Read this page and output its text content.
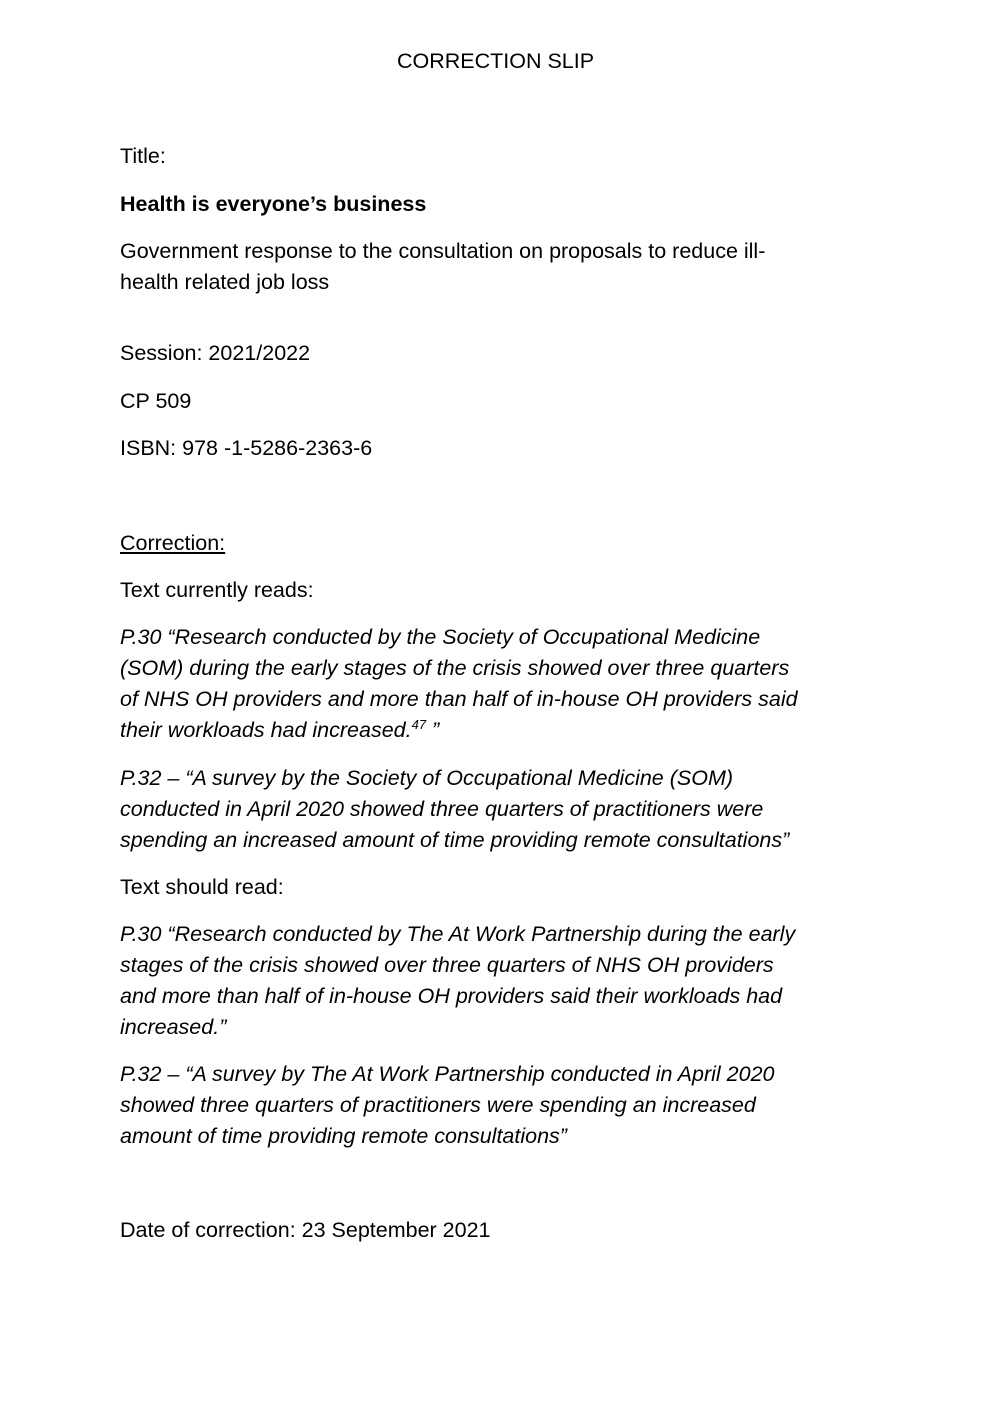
CORRECTION SLIP

Title:

Health is everyone’s business

Government response to the consultation on proposals to reduce ill-
health related job loss

Session: 2021/2022

CP 509

ISBN: 978 -1-5286-2363-6

Correction:

Text currently reads:

P.30 “Research conducted by the Society of Occupational Medicine
(SOM) during the early stages of the crisis showed over three quarters
of NHS OH providers and more than half of in-house OH providers said
their workloads had increased.$^{47}$ ”
P.32 – “A survey by the Society of Occupational Medicine (SOM)
conducted in April 2020 showed three quarters of practitioners were
spending an increased amount of time providing remote consultations”

Text should read:

P.30 “Research conducted by The At Work Partnership during the early
stages of the crisis showed over three quarters of NHS OH providers
and more than half of in-house OH providers said their workloads had
increased.”
P.32 – “A survey by The At Work Partnership conducted in April 2020
showed three quarters of practitioners were spending an increased
amount of time providing remote consultations”

Date of correction: 23 September 2021
